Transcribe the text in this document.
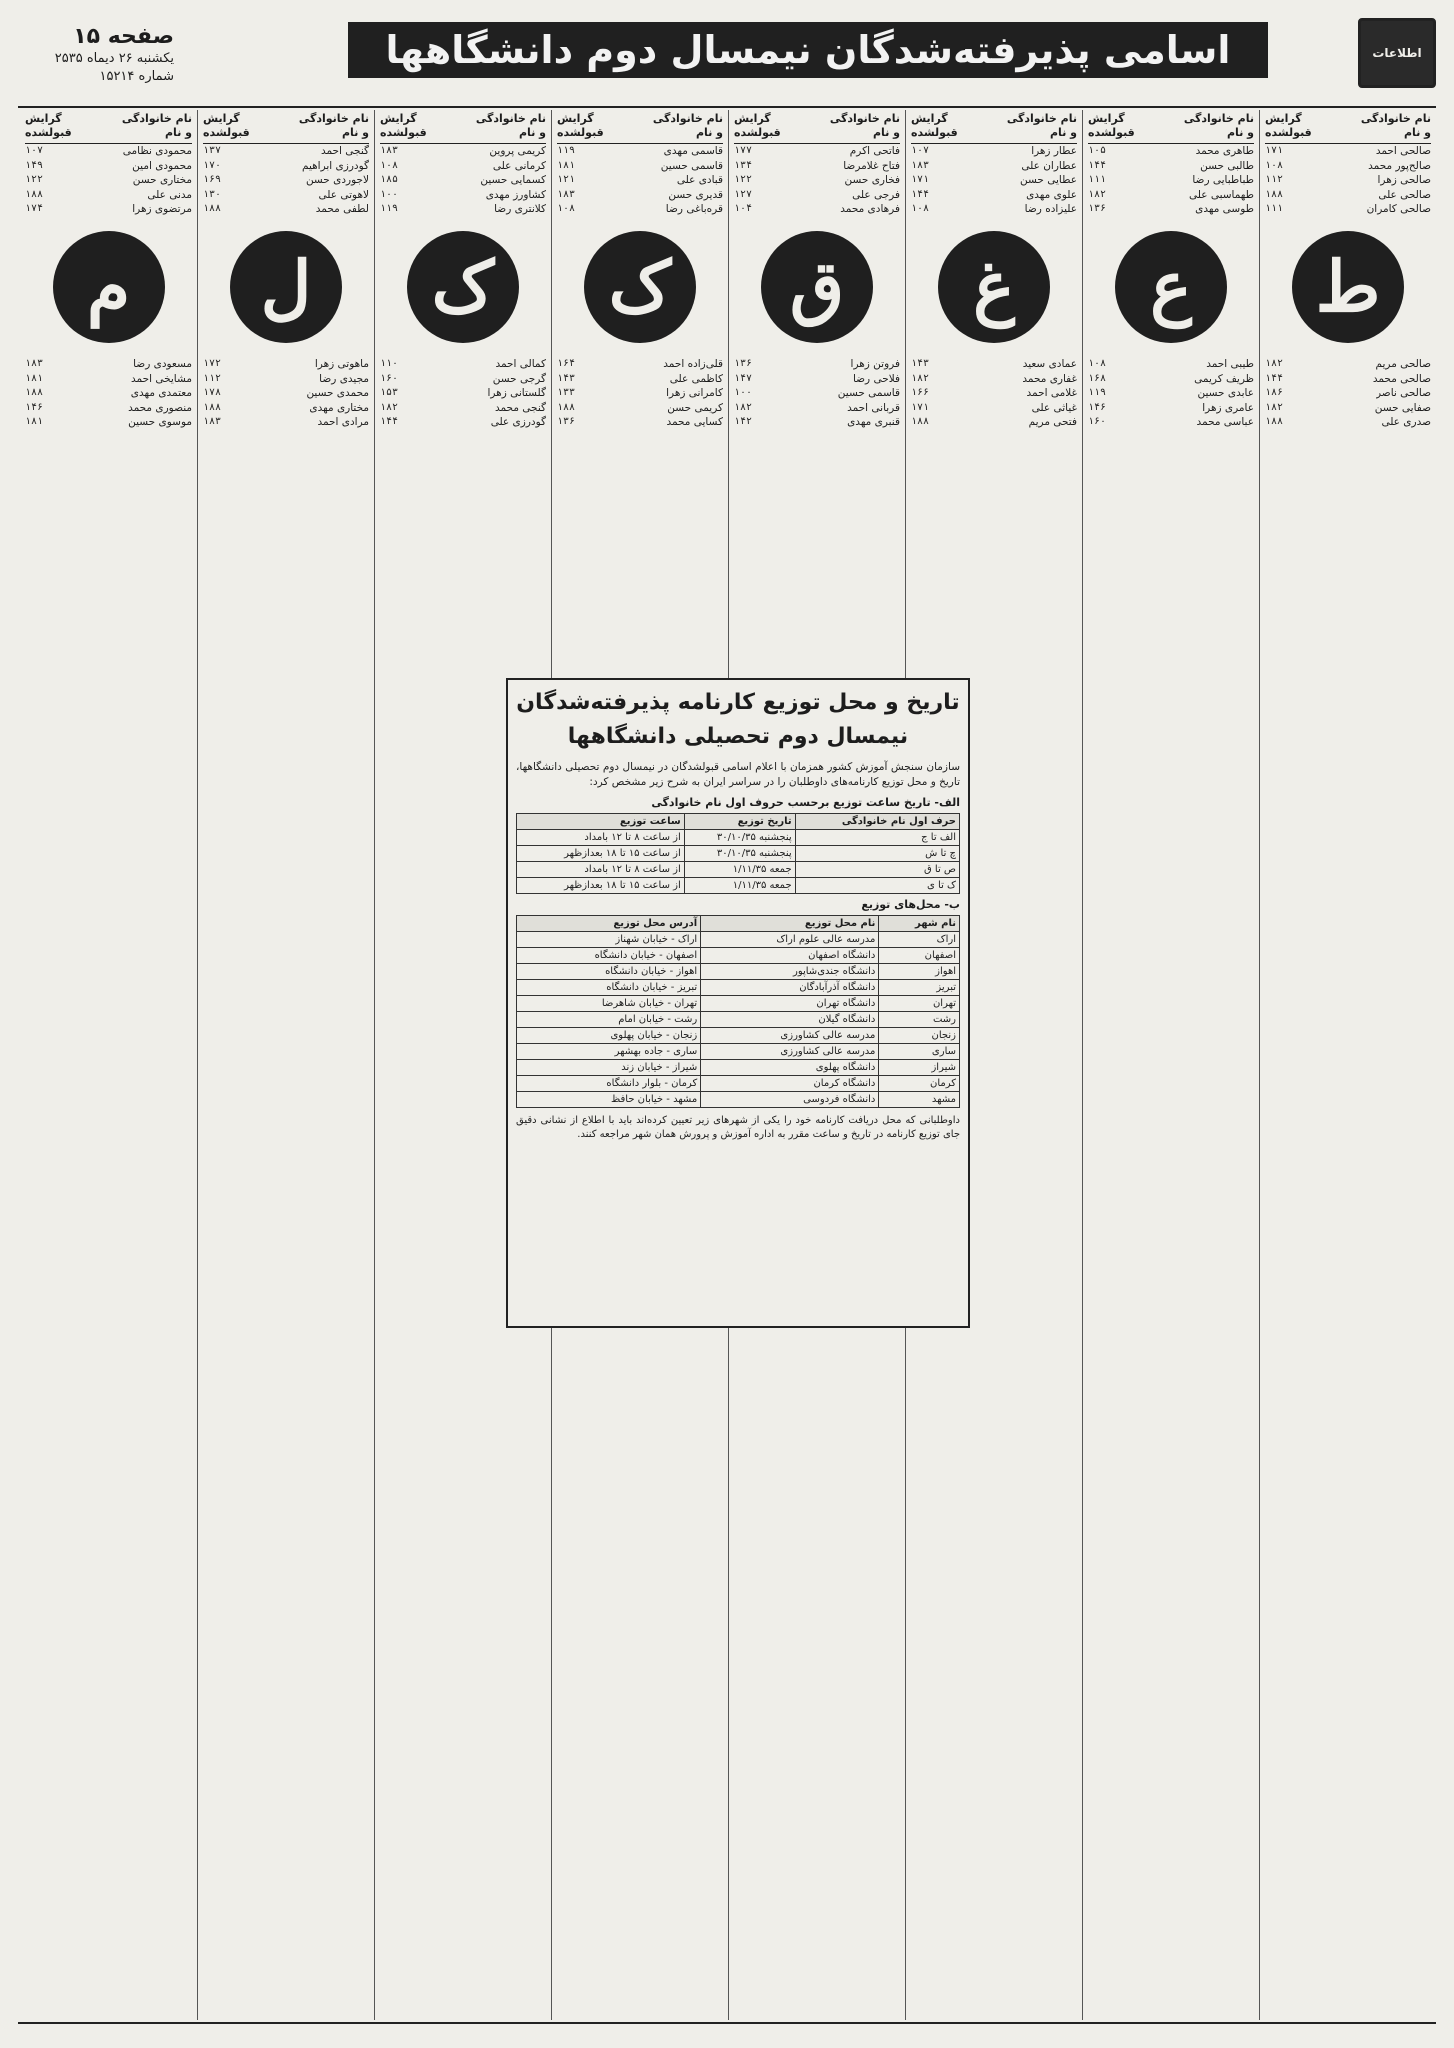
صفحه ۱۵
یکشنبه ۲۶ دیماه ۲۵۳۵
شماره ۱۵۲۱۴
اسامی پذیرفته‌شدگان نیمسال دوم دانشگاهها	اطلاعات
نام خانوادگی و نام
گرایش قبولشده
صالحی احمد
۱۷۱
صالح‌پور محمد
۱۰۸
صالحی زهرا
۱۱۲
صالحی علی
۱۸۸
صالحی کامران
۱۱۱
ط
صالحی مریم
۱۸۲
صالحی محمد
۱۴۴
صالحی ناصر
۱۸۶
صفایی حسن
۱۸۲
صدری علی
۱۸۸
نام خانوادگی و نام
گرایش قبولشده
طاهری محمد
۱۰۵
طالبی حسن
۱۴۴
طباطبایی رضا
۱۱۱
طهماسبی علی
۱۸۲
طوسی مهدی
۱۳۶
ع
طیبی احمد
۱۰۸
ظریف کریمی
۱۶۸
عابدی حسین
۱۱۹
عامری زهرا
۱۴۶
عباسی محمد
۱۶۰
نام خانوادگی و نام
گرایش قبولشده
عطار زهرا
۱۰۷
عطاران علی
۱۸۳
عطایی حسن
۱۷۱
علوی مهدی
۱۴۴
علیزاده رضا
۱۰۸
غ
عمادی سعید
۱۴۳
غفاری محمد
۱۸۲
غلامی احمد
۱۶۶
غیاثی علی
۱۷۱
فتحی مریم
۱۸۸
نام خانوادگی و نام
گرایش قبولشده
فاتحی اکرم
۱۷۷
فتاح غلامرضا
۱۳۴
فخاری حسن
۱۲۲
فرجی علی
۱۲۷
فرهادی محمد
۱۰۴
ق
فروتن زهرا
۱۳۶
فلاحی رضا
۱۴۷
قاسمی حسین
۱۰۰
قربانی احمد
۱۸۲
قنبری مهدی
۱۴۲
نام خانوادگی و نام
گرایش قبولشده
قاسمی مهدی
۱۱۹
قاسمی حسین
۱۸۱
قبادی علی
۱۲۱
قدیری حسن
۱۸۳
قره‌باغی رضا
۱۰۸
ک
قلی‌زاده احمد
۱۶۴
کاظمی علی
۱۴۳
کامرانی زهرا
۱۳۳
کریمی حسن
۱۸۸
کسایی محمد
۱۳۶
نام خانوادگی و نام
گرایش قبولشده
کریمی پروین
۱۸۳
کرمانی علی
۱۰۸
کسمایی حسین
۱۸۵
کشاورز مهدی
۱۰۰
کلانتری رضا
۱۱۹
ک
کمالی احمد
۱۱۰
گرجی حسن
۱۶۰
گلستانی زهرا
۱۵۳
گنجی محمد
۱۸۲
گودرزی علی
۱۴۴
نام خانوادگی و نام
گرایش قبولشده
گنجی احمد
۱۳۷
گودرزی ابراهیم
۱۷۰
لاجوردی حسن
۱۶۹
لاهوتی علی
۱۳۰
لطفی محمد
۱۸۸
ل
ماهوتی زهرا
۱۷۲
مجیدی رضا
۱۱۲
محمدی حسین
۱۷۸
مختاری مهدی
۱۸۸
مرادی احمد
۱۸۳
نام خانوادگی و نام
گرایش قبولشده
محمودی نظامی
۱۰۷
محمودی امین
۱۴۹
مختاری حسن
۱۲۲
مدنی علی
۱۸۸
مرتضوی زهرا
۱۷۴
م
مسعودی رضا
۱۸۳
مشایخی احمد
۱۸۱
معتمدی مهدی
۱۸۸
منصوری محمد
۱۴۶
موسوی حسین
۱۸۱
تاریخ و محل توزیع کارنامه پذیرفته‌شدگان نیمسال دوم تحصیلی دانشگاهها
سازمان سنجش آموزش کشور همزمان با اعلام اسامی قبولشدگان در نیمسال دوم تحصیلی دانشگاهها، تاریخ و محل توزیع کارنامه‌های داوطلبان را در سراسر ایران به شرح زیر مشخص کرد:
الف- تاریخ ساعت توزیع برحسب حروف اول نام خانوادگی
حرف اول نام خانوادگی	تاریخ توزیع	ساعت توزیع
الف تا ج	پنجشنبه ۳۰/۱۰/۳۵	از ساعت ۸ تا ۱۲ بامداد
چ تا ش	پنجشنبه ۳۰/۱۰/۳۵	از ساعت ۱۵ تا ۱۸ بعدازظهر
ص تا ق	جمعه ۱/۱۱/۳۵	از ساعت ۸ تا ۱۲ بامداد
ک تا ی	جمعه ۱/۱۱/۳۵	از ساعت ۱۵ تا ۱۸ بعدازظهر
ب- محل‌های توزیع
نام شهر	نام محل توزیع	آدرس محل توزیع
اراک	مدرسه عالی علوم اراک	اراک - خیابان شهناز
اصفهان	دانشگاه اصفهان	اصفهان - خیابان دانشگاه
اهواز	دانشگاه جندی‌شاپور	اهواز - خیابان دانشگاه
تبریز	دانشگاه آذرآبادگان	تبریز - خیابان دانشگاه
تهران	دانشگاه تهران	تهران - خیابان شاهرضا
رشت	دانشگاه گیلان	رشت - خیابان امام
زنجان	مدرسه عالی کشاورزی	زنجان - خیابان پهلوی
ساری	مدرسه عالی کشاورزی	ساری - جاده بهشهر
شیراز	دانشگاه پهلوی	شیراز - خیابان زند
کرمان	دانشگاه کرمان	کرمان - بلوار دانشگاه
مشهد	دانشگاه فردوسی	مشهد - خیابان حافظ
داوطلبانی که محل دریافت کارنامه خود را یکی از شهرهای زیر تعیین کرده‌اند باید با اطلاع از نشانی دقیق جای توزیع کارنامه در تاریخ و ساعت مقرر به اداره آموزش و پرورش همان شهر مراجعه کنند.
